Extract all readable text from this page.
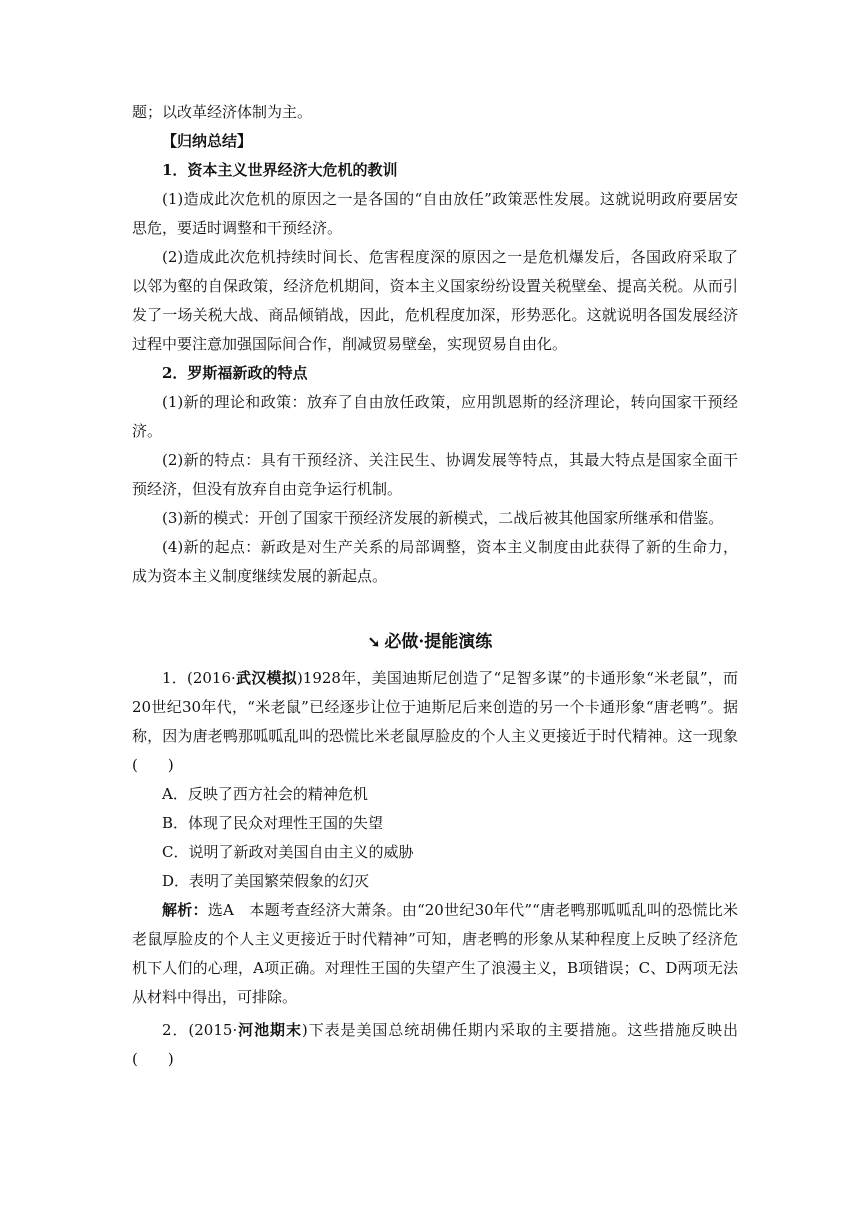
题；以改革经济体制为主。

【归纳总结】

1．资本主义世界经济大危机的教训

(1)造成此次危机的原因之一是各国的“自由放任”政策恶性发展。这就说明政府要居安思危，要适时调整和干预经济。

(2)造成此次危机持续时间长、危害程度深的原因之一是危机爆发后，各国政府采取了以邻为壑的自保政策，经济危机期间，资本主义国家纷纷设置关税壁垒、提高关税。从而引发了一场关税大战、商品倾销战，因此，危机程度加深，形势恶化。这就说明各国发展经济过程中要注意加强国际间合作，削减贸易壁垒，实现贸易自由化。

2．罗斯福新政的特点

(1)新的理论和政策：放弃了自由放任政策，应用凯恩斯的经济理论，转向国家干预经济。

(2)新的特点：具有干预经济、关注民生、协调发展等特点，其最大特点是国家全面干预经济，但没有放弃自由竞争运行机制。

(3)新的模式：开创了国家干预经济发展的新模式，二战后被其他国家所继承和借鉴。

(4)新的起点：新政是对生产关系的局部调整，资本主义制度由此获得了新的生命力，成为资本主义制度继续发展的新起点。

➘ 必做·提能演练

1．(2016·武汉模拟)1928年，美国迪斯尼创造了“足智多谋”的卡通形象“米老鼠”，而20世纪30年代，“米老鼠”已经逐步让位于迪斯尼后来创造的另一个卡通形象“唐老鸭”。据称，因为唐老鸭那呱呱乱叫的恐慌比米老鼠厚脸皮的个人主义更接近于时代精神。这一现象(　　)

A．反映了西方社会的精神危机

B．体现了民众对理性王国的失望

C．说明了新政对美国自由主义的威胁

D．表明了美国繁荣假象的幻灭

解析：选A　本题考查经济大萧条。由“20世纪30年代”“唐老鸭那呱呱乱叫的恐慌比米老鼠厚脸皮的个人主义更接近于时代精神”可知，唐老鸭的形象从某种程度上反映了经济危机下人们的心理，A项正确。对理性王国的失望产生了浪漫主义，B项错误；C、D两项无法从材料中得出，可排除。

2．(2015·河池期末)下表是美国总统胡佛任期内采取的主要措施。这些措施反映出(　　)
